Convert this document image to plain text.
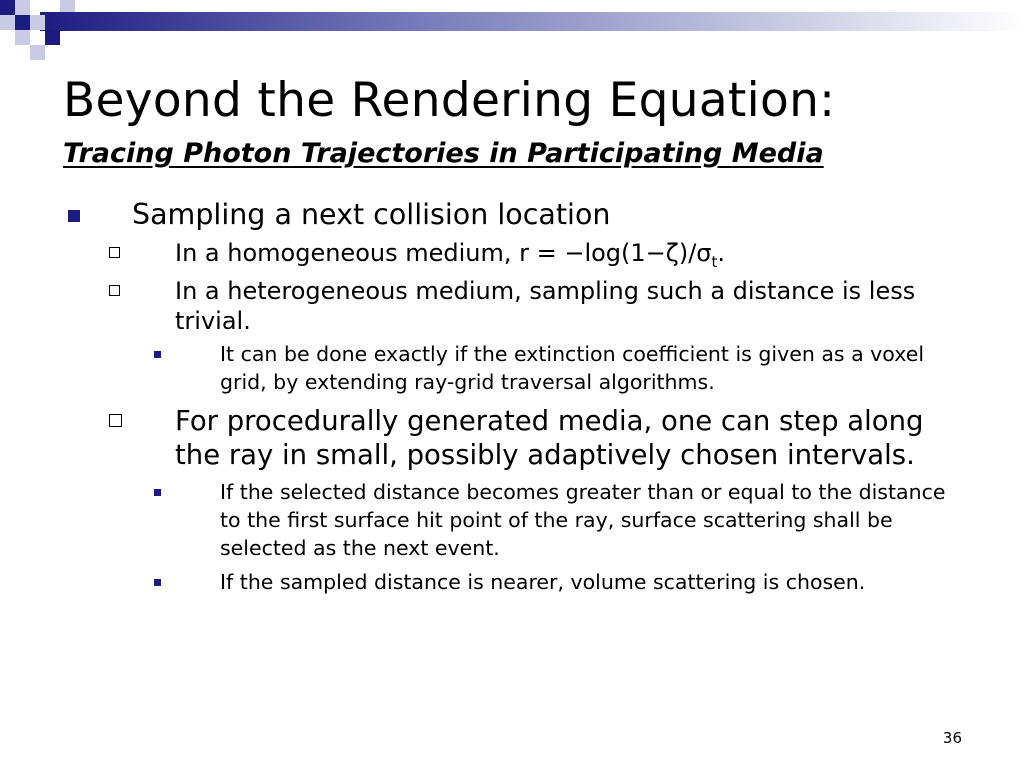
Beyond the Rendering Equation:
Tracing Photon Trajectories in Participating Media
Sampling a next collision location
In a homogeneous medium, $r = -\log(1-\zeta)/\sigma_t$.
In a heterogeneous medium, sampling such a distance is less trivial.
It can be done exactly if the extinction coefficient is given as a voxel grid, by extending ray-grid traversal algorithms.
For procedurally generated media, one can step along the ray in small, possibly adaptively chosen intervals.
If the selected distance becomes greater than or equal to the distance to the first surface hit point of the ray, surface scattering shall be selected as the next event.
If the sampled distance is nearer, volume scattering is chosen.
36
